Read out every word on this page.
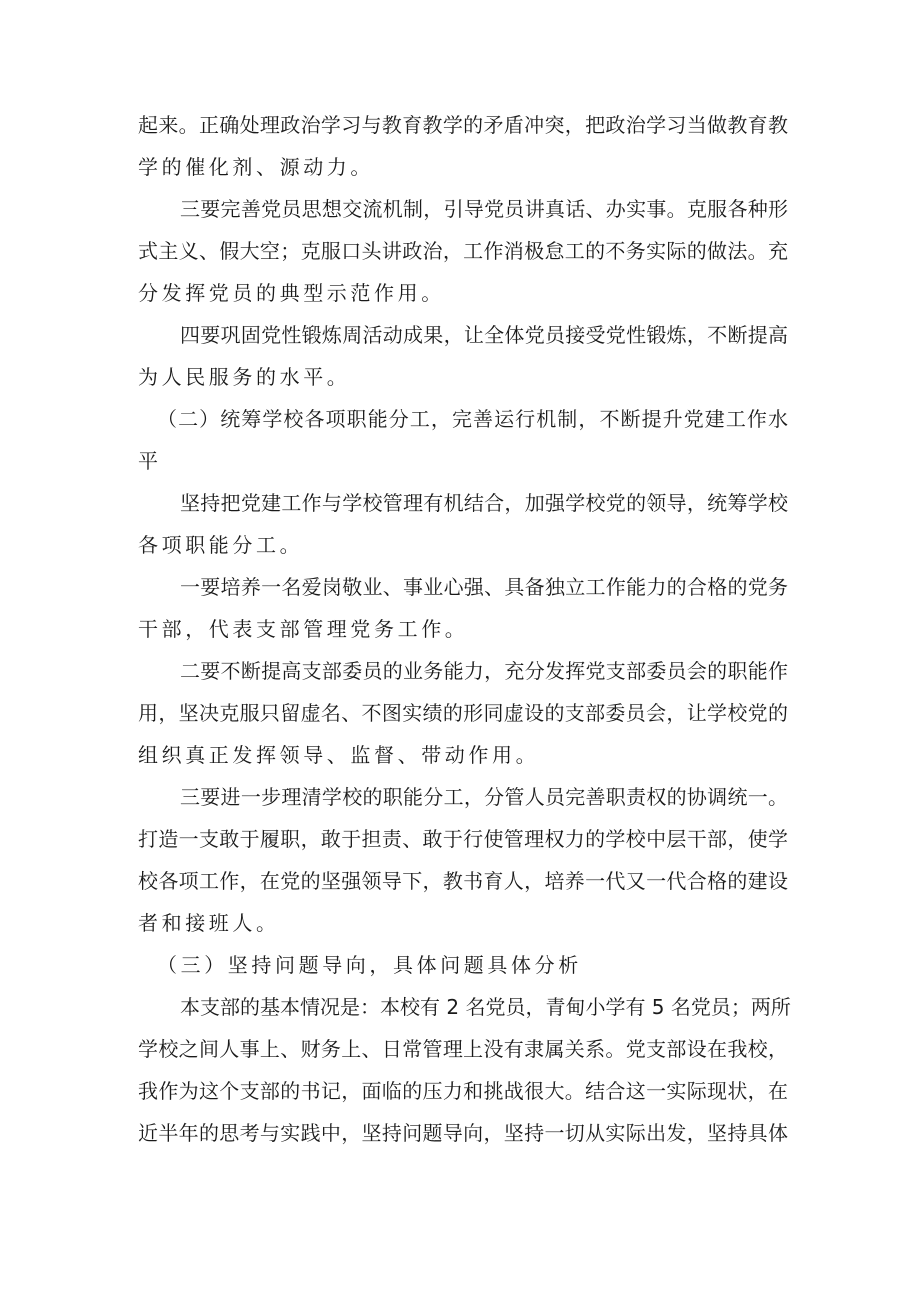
起来。正确处理政治学习与教育教学的矛盾冲突，把政治学习当做教育教
学的催化剂、源动力。
三要完善党员思想交流机制，引导党员讲真话、办实事。克服各种形
式主义、假大空；克服口头讲政治，工作消极怠工的不务实际的做法。充
分发挥党员的典型示范作用。
四要巩固党性锻炼周活动成果，让全体党员接受党性锻炼，不断提高
为人民服务的水平。
（二）统筹学校各项职能分工，完善运行机制，不断提升党建工作水
平
坚持把党建工作与学校管理有机结合，加强学校党的领导，统筹学校
各项职能分工。
一要培养一名爱岗敬业、事业心强、具备独立工作能力的合格的党务
干部，代表支部管理党务工作。
二要不断提高支部委员的业务能力，充分发挥党支部委员会的职能作
用，坚决克服只留虚名、不图实绩的形同虚设的支部委员会，让学校党的
组织真正发挥领导、监督、带动作用。
三要进一步理清学校的职能分工，分管人员完善职责权的协调统一。
打造一支敢于履职，敢于担责、敢于行使管理权力的学校中层干部，使学
校各项工作，在党的坚强领导下，教书育人，培养一代又一代合格的建设
者和接班人。
（三）坚持问题导向，具体问题具体分析
本支部的基本情况是：本校有 2 名党员，青甸小学有 5 名党员；两所
学校之间人事上、财务上、日常管理上没有隶属关系。党支部设在我校，
我作为这个支部的书记，面临的压力和挑战很大。结合这一实际现状，在
近半年的思考与实践中，坚持问题导向，坚持一切从实际出发，坚持具体
